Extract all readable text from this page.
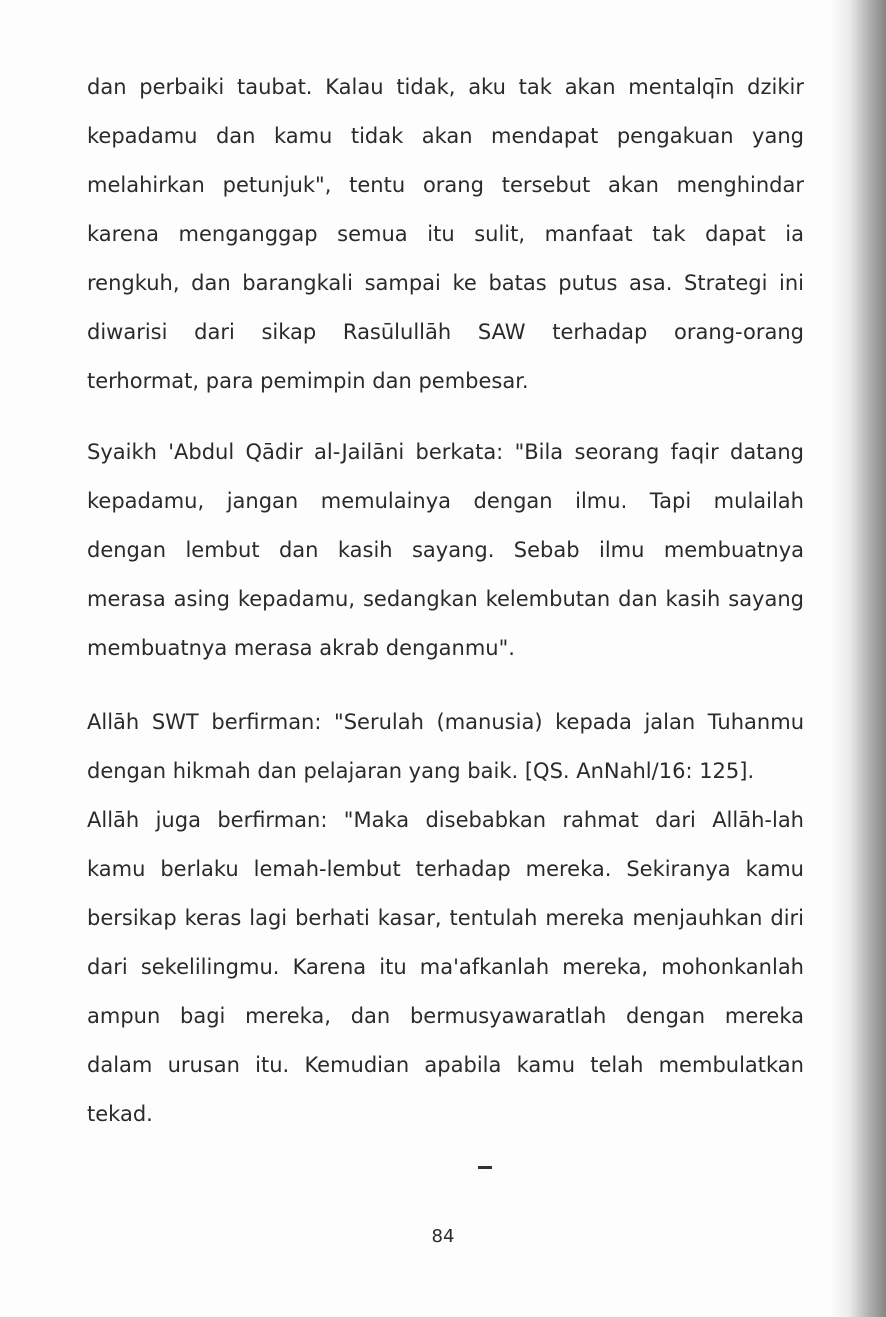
dan perbaiki taubat. Kalau tidak, aku tak akan mentalqīn dzikir
kepadamu dan kamu tidak akan mendapat pengakuan yang
melahirkan petunjuk", tentu orang tersebut akan menghindar
karena menganggap semua itu sulit, manfaat tak dapat ia
rengkuh, dan barangkali sampai ke batas putus asa. Strategi ini
diwarisi dari sikap Rasūlullāh SAW terhadap orang-orang
terhormat, para pemimpin dan pembesar.
Syaikh 'Abdul Qādir al-Jailāni berkata: "Bila seorang faqir datang
kepadamu, jangan memulainya dengan ilmu. Tapi mulailah
dengan lembut dan kasih sayang. Sebab ilmu membuatnya
merasa asing kepadamu, sedangkan kelembutan dan kasih sayang
membuatnya merasa akrab denganmu".
Allāh SWT berfirman: "Serulah (manusia) kepada jalan Tuhanmu
dengan hikmah dan pelajaran yang baik. [QS. AnNahl/16: 125].
Allāh juga berfirman: "Maka disebabkan rahmat dari Allāh-lah
kamu berlaku lemah-lembut terhadap mereka. Sekiranya kamu
bersikap keras lagi berhati kasar, tentulah mereka menjauhkan diri
dari sekelilingmu. Karena itu ma'afkanlah mereka, mohonkanlah
ampun bagi mereka, dan bermusyawaratlah dengan mereka
dalam urusan itu. Kemudian apabila kamu telah membulatkan
tekad.
84
